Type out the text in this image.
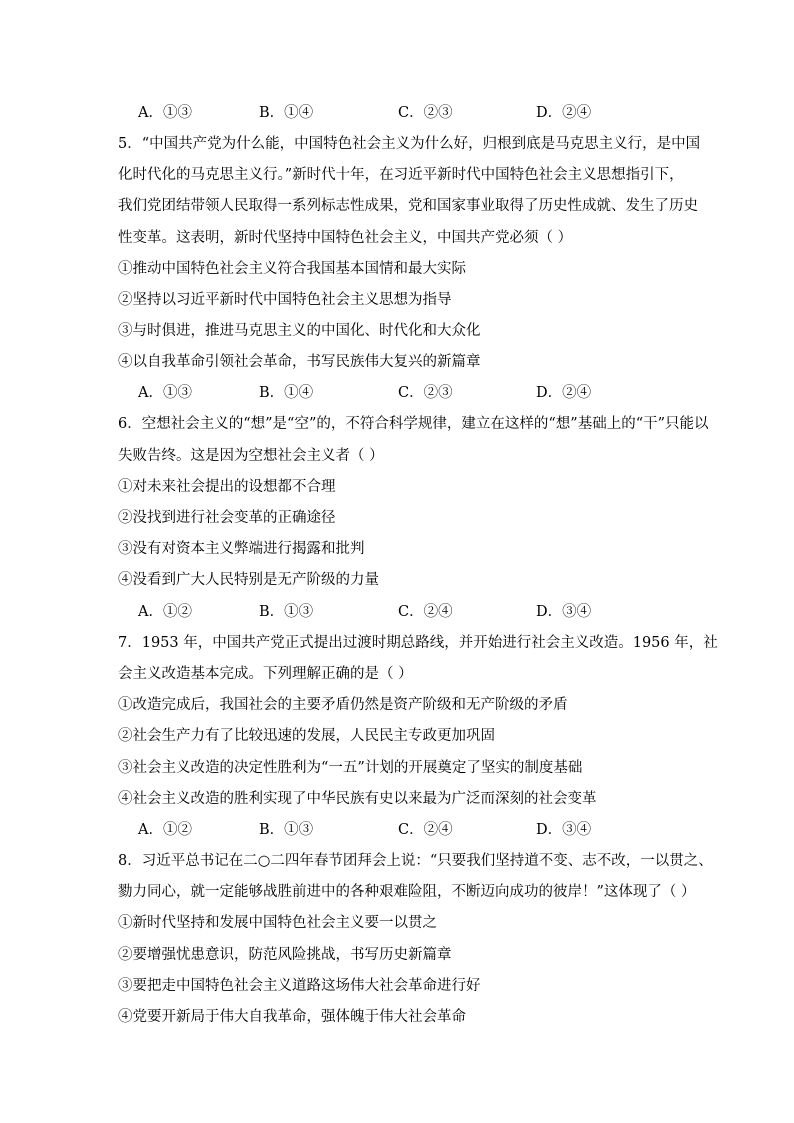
A．①③	B．①④	C．②③	D．②④
5．“中国共产党为什么能，中国特色社会主义为什么好，归根到底是马克思主义行，是中国
化时代化的马克思主义行。”新时代十年，在习近平新时代中国特色社会主义思想指引下，
我们党团结带领人民取得一系列标志性成果，党和国家事业取得了历史性成就、发生了历史
性变革。这表明，新时代坚持中国特色社会主义，中国共产党必须（ ）
①推动中国特色社会主义符合我国基本国情和最大实际
②坚持以习近平新时代中国特色社会主义思想为指导
③与时俱进，推进马克思主义的中国化、时代化和大众化
④以自我革命引领社会革命，书写民族伟大复兴的新篇章
A．①③	B．①④	C．②③	D．②④
6．空想社会主义的“想”是“空”的，不符合科学规律，建立在这样的“想”基础上的“干”只能以
失败告终。这是因为空想社会主义者（ ）
①对未来社会提出的设想都不合理
②没找到进行社会变革的正确途径
③没有对资本主义弊端进行揭露和批判
④没看到广大人民特别是无产阶级的力量
A．①②	B．①③	C．②④	D．③④
7．1953 年，中国共产党正式提出过渡时期总路线，并开始进行社会主义改造。1956 年，社
会主义改造基本完成。下列理解正确的是（ ）
①改造完成后，我国社会的主要矛盾仍然是资产阶级和无产阶级的矛盾
②社会生产力有了比较迅速的发展，人民民主专政更加巩固
③社会主义改造的决定性胜利为“一五”计划的开展奠定了坚实的制度基础
④社会主义改造的胜利实现了中华民族有史以来最为广泛而深刻的社会变革
A．①②	B．①③	C．②④	D．③④
8．习近平总书记在二○二四年春节团拜会上说：“只要我们坚持道不变、志不改，一以贯之、
勠力同心，就一定能够战胜前进中的各种艰难险阻，不断迈向成功的彼岸！”这体现了（ ）
①新时代坚持和发展中国特色社会主义要一以贯之
②要增强忧患意识，防范风险挑战，书写历史新篇章
③要把走中国特色社会主义道路这场伟大社会革命进行好
④党要开新局于伟大自我革命，强体魄于伟大社会革命
